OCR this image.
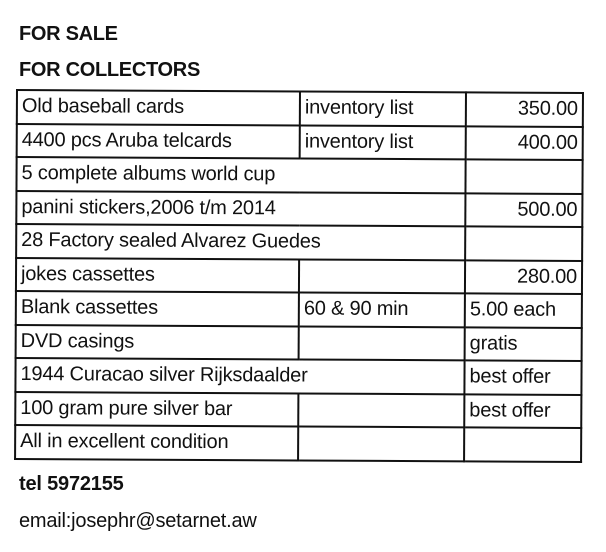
FOR SALE
FOR COLLECTORS
Old baseball cards	inventory list	350.00
4400 pcs Aruba telcards	inventory list	400.00
5 complete albums world cup		
panini stickers,2006 t/m 2014		500.00
28 Factory sealed Alvarez Guedes		
jokes cassettes		280.00
Blank cassettes	60 & 90 min	5.00 each
DVD casings		gratis
1944 Curacao silver Rijksdaalder		best offer
100 gram pure silver bar		best offer
All in excellent condition		
tel 5972155
email:josephr@setarnet.aw
